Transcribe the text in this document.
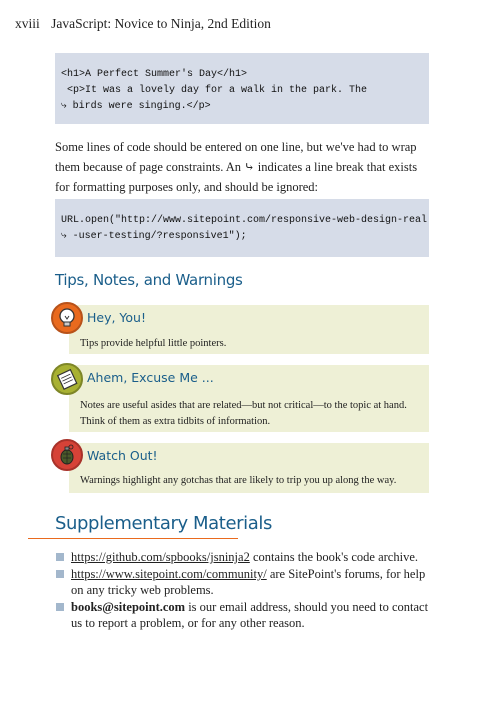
xviii JavaScript: Novice to Ninja, 2nd Edition
<h1>A Perfect Summer's Day</h1>
<p>It was a lovely day for a walk in the park. The
⤷ birds were singing.</p>
Some lines of code should be entered on one line, but we've had to wrap them because of page constraints. An ⤷ indicates a line break that exists for formatting purposes only, and should be ignored:
URL.open("http://www.sitepoint.com/responsive-web-design-real
⤷ -user-testing/?responsive1");
Tips, Notes, and Warnings
Hey, You!
Tips provide helpful little pointers.
Ahem, Excuse Me ...
Notes are useful asides that are related—but not critical—to the topic at hand. Think of them as extra tidbits of information.
Watch Out!
Warnings highlight any gotchas that are likely to trip you up along the way.
Supplementary Materials
https://github.com/spbooks/jsninja2 contains the book's code archive.
https://www.sitepoint.com/community/ are SitePoint's forums, for help on any tricky web problems.
books@sitepoint.com is our email address, should you need to contact us to report a problem, or for any other reason.
